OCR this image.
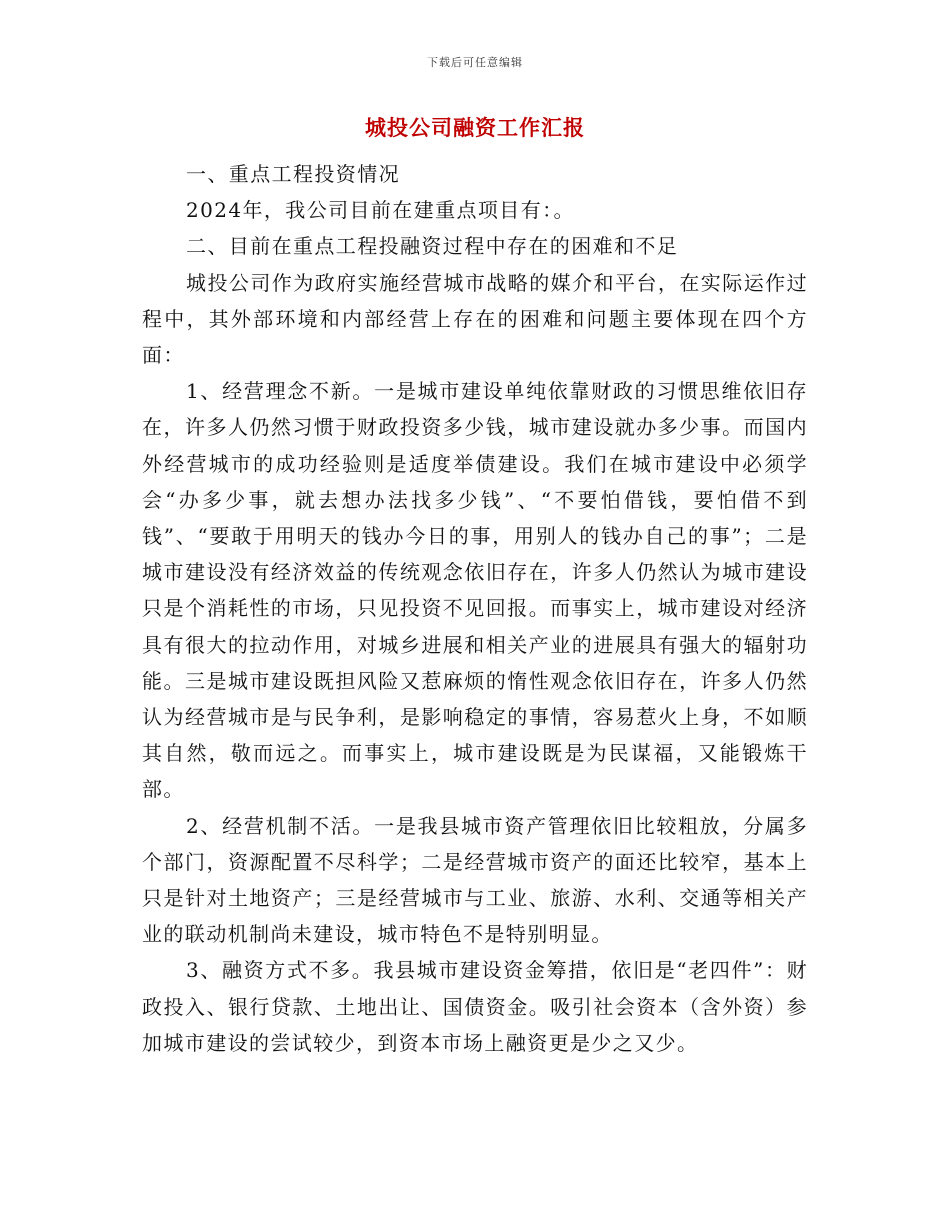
下载后可任意编辑
城投公司融资工作汇报

一、重点工程投资情况

2024年，我公司目前在建重点项目有：。

二、目前在重点工程投融资过程中存在的困难和不足

城投公司作为政府实施经营城市战略的媒介和平台，在实际运作过程中，其外部环境和内部经营上存在的困难和问题主要体现在四个方面：

1、经营理念不新。一是城市建设单纯依靠财政的习惯思维依旧存在，许多人仍然习惯于财政投资多少钱，城市建设就办多少事。而国内外经营城市的成功经验则是适度举债建设。我们在城市建设中必须学会“办多少事，就去想办法找多少钱”、“不要怕借钱，要怕借不到钱”、“要敢于用明天的钱办今日的事，用别人的钱办自己的事”；二是城市建设没有经济效益的传统观念依旧存在，许多人仍然认为城市建设只是个消耗性的市场，只见投资不见回报。而事实上，城市建设对经济具有很大的拉动作用，对城乡进展和相关产业的进展具有强大的辐射功能。三是城市建设既担风险又惹麻烦的惰性观念依旧存在，许多人仍然认为经营城市是与民争利，是影响稳定的事情，容易惹火上身，不如顺其自然，敬而远之。而事实上，城市建设既是为民谋福，又能锻炼干部。

2、经营机制不活。一是我县城市资产管理依旧比较粗放，分属多个部门，资源配置不尽科学；二是经营城市资产的面还比较窄，基本上只是针对土地资产；三是经营城市与工业、旅游、水利、交通等相关产业的联动机制尚未建设，城市特色不是特别明显。

3、融资方式不多。我县城市建设资金筹措，依旧是“老四件”：财政投入、银行贷款、土地出让、国债资金。吸引社会资本（含外资）参加城市建设的尝试较少，到资本市场上融资更是少之又少。
